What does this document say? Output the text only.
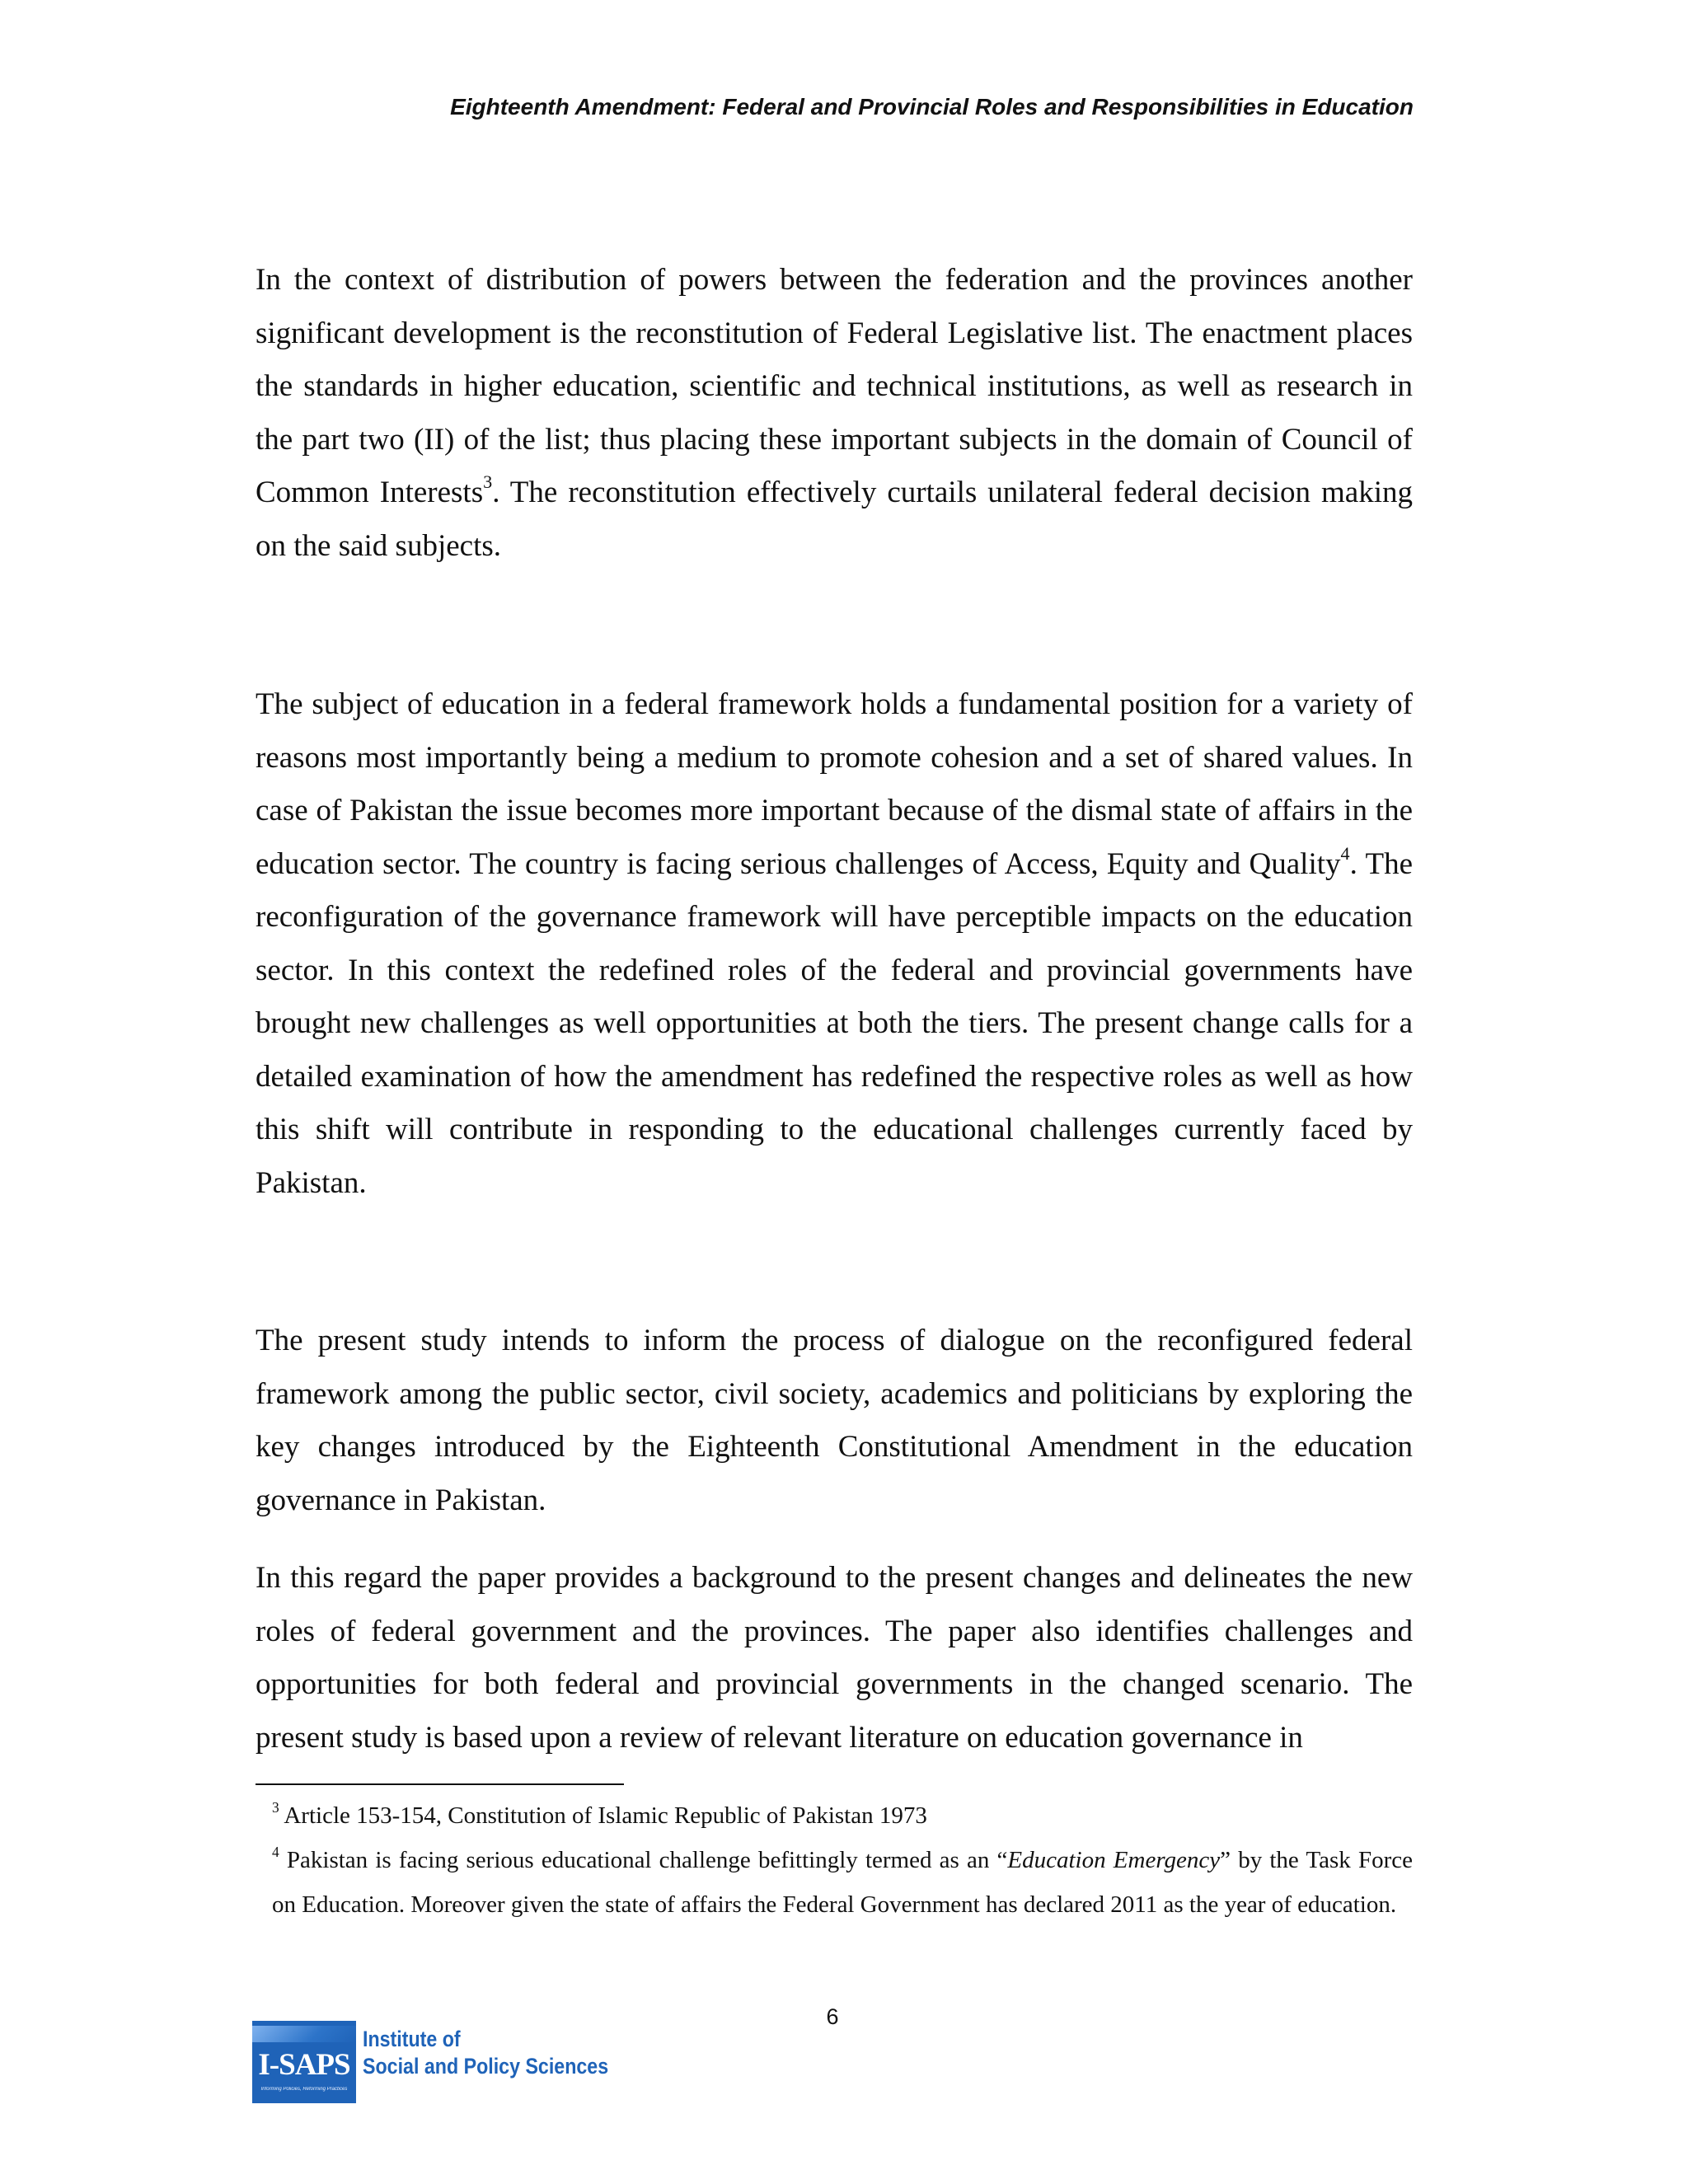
Eighteenth Amendment: Federal and Provincial Roles and Responsibilities in Education

In the context of distribution of powers between the federation and the provinces another significant development is the reconstitution of Federal Legislative list. The enactment places the standards in higher education, scientific and technical institutions, as well as research in the part two (II) of the list; thus placing these important subjects in the domain of Council of Common Interests$^3$. The reconstitution effectively curtails unilateral federal decision making on the said subjects.

The subject of education in a federal framework holds a fundamental position for a variety of reasons most importantly being a medium to promote cohesion and a set of shared values. In case of Pakistan the issue becomes more important because of the dismal state of affairs in the education sector. The country is facing serious challenges of Access, Equity and Quality$^4$. The reconfiguration of the governance framework will have perceptible impacts on the education sector. In this context the redefined roles of the federal and provincial governments have brought new challenges as well opportunities at both the tiers. The present change calls for a detailed examination of how the amendment has redefined the respective roles as well as how this shift will contribute in responding to the educational challenges currently faced by Pakistan.

The present study intends to inform the process of dialogue on the reconfigured federal framework among the public sector, civil society, academics and politicians by exploring the key changes introduced by the Eighteenth Constitutional Amendment in the education governance in Pakistan.

In this regard the paper provides a background to the present changes and delineates the new roles of federal government and the provinces. The paper also identifies challenges and opportunities for both federal and provincial governments in the changed scenario. The present study is based upon a review of relevant literature on education governance in

$^3$ Article 153-154, Constitution of Islamic Republic of Pakistan 1973

$^4$ Pakistan is facing serious educational challenge befittingly termed as an “Education Emergency” by the Task Force on Education. Moreover given the state of affairs the Federal Government has declared 2011 as the year of education.

6
I-SAPS
Informing Policies, Reforming Practices
Institute of
Social and Policy Sciences
